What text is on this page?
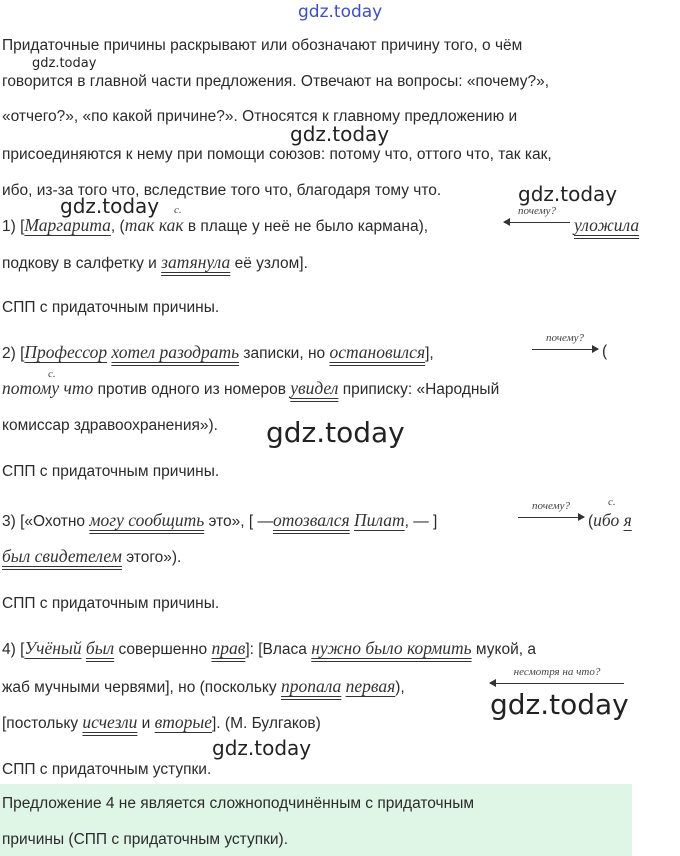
gdz.today
gdz.today
gdz.today
gdz.today
gdz.today
gdz.today
gdz.today
gdz.today
Придаточные причины раскрывают или обозначают причину того, о чём
говорится в главной части предложения. Отвечают на вопросы: «почему?»,
«отчего?», «по какой причине?». Относятся к главному предложению и
присоединяются к нему при помощи союзов: потому что, оттого что, так как,
ибо, из-за того что, вследствие того что, благодаря тому что.
с.
1) [Маргарита, (так как в плаще у неё не было кармана),
почему?
уложила
подкову в салфетку и затянула её узлом].
СПП с придаточным причины.
2) [Профессор хотел разодрать записки, но остановился],
почему?
(
с.
потому что против одного из номеров увидел приписку: «Народный
комиссар здравоохранения»).
СПП с придаточным причины.
3) [«Охотно могу сообщить это», [ —отозвался Пилат, — ]
почему?	с.
(ибо я
был свидетелем этого»).
СПП с придаточным причины.
4) [Учёный был совершенно прав]: [Власа нужно было кормить мукой, а
жаб мучными червями], но (поскольку пропала первая),
несмотря на что?
[постольку исчезли и вторые]. (М. Булгаков)
СПП с придаточным уступки.
Предложение 4 не является сложноподчинённым с придаточным
причины (СПП с придаточным уступки).
